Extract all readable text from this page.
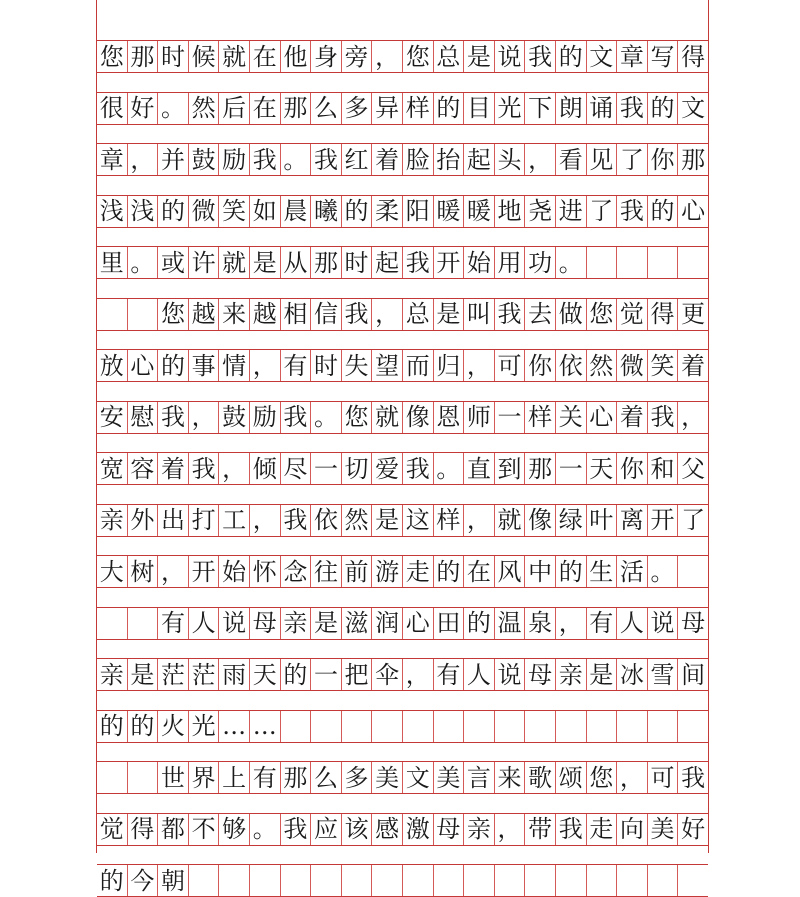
您 那 时 候 就 在 他 身 旁 ， 您 总 是 说 我 的 文 章 写 得
很 好 。 然 后 在 那 么 多 异 样 的 目 光 下 朗 诵 我 的 文
章 ， 并 鼓 励 我 。 我 红 着 脸 抬 起 头 ， 看 见 了 你 那
浅 浅 的 微 笑 如 晨 曦 的 柔 阳 暖 暖 地 尧 进 了 我 的 心
里 。 或 许 就 是 从 那 时 起 我 开 始 用 功 。
您 越 来 越 相 信 我 ， 总 是 叫 我 去 做 您 觉 得 更
放 心 的 事 情 ， 有 时 失 望 而 归 ， 可 你 依 然 微 笑 着
安 慰 我 ， 鼓 励 我 。 您 就 像 恩 师 一 样 关 心 着 我 ，
宽 容 着 我 ， 倾 尽 一 切 爱 我 。 直 到 那 一 天 你 和 父
亲 外 出 打 工 ， 我 依 然 是 这 样 ， 就 像 绿 叶 离 开 了
大 树 ， 开 始 怀 念 往 前 游 走 的 在 风 中 的 生 活 。
有 人 说 母 亲 是 滋 润 心 田 的 温 泉 ， 有 人 说 母
亲 是 茫 茫 雨 天 的 一 把 伞 ， 有 人 说 母 亲 是 冰 雪 间
的 的 火 光 … …
世 界 上 有 那 么 多 美 文 美 言 来 歌 颂 您 ， 可 我
觉 得 都 不 够 。 我 应 该 感 激 母 亲 ， 带 我 走 向 美 好
的 今 朝
